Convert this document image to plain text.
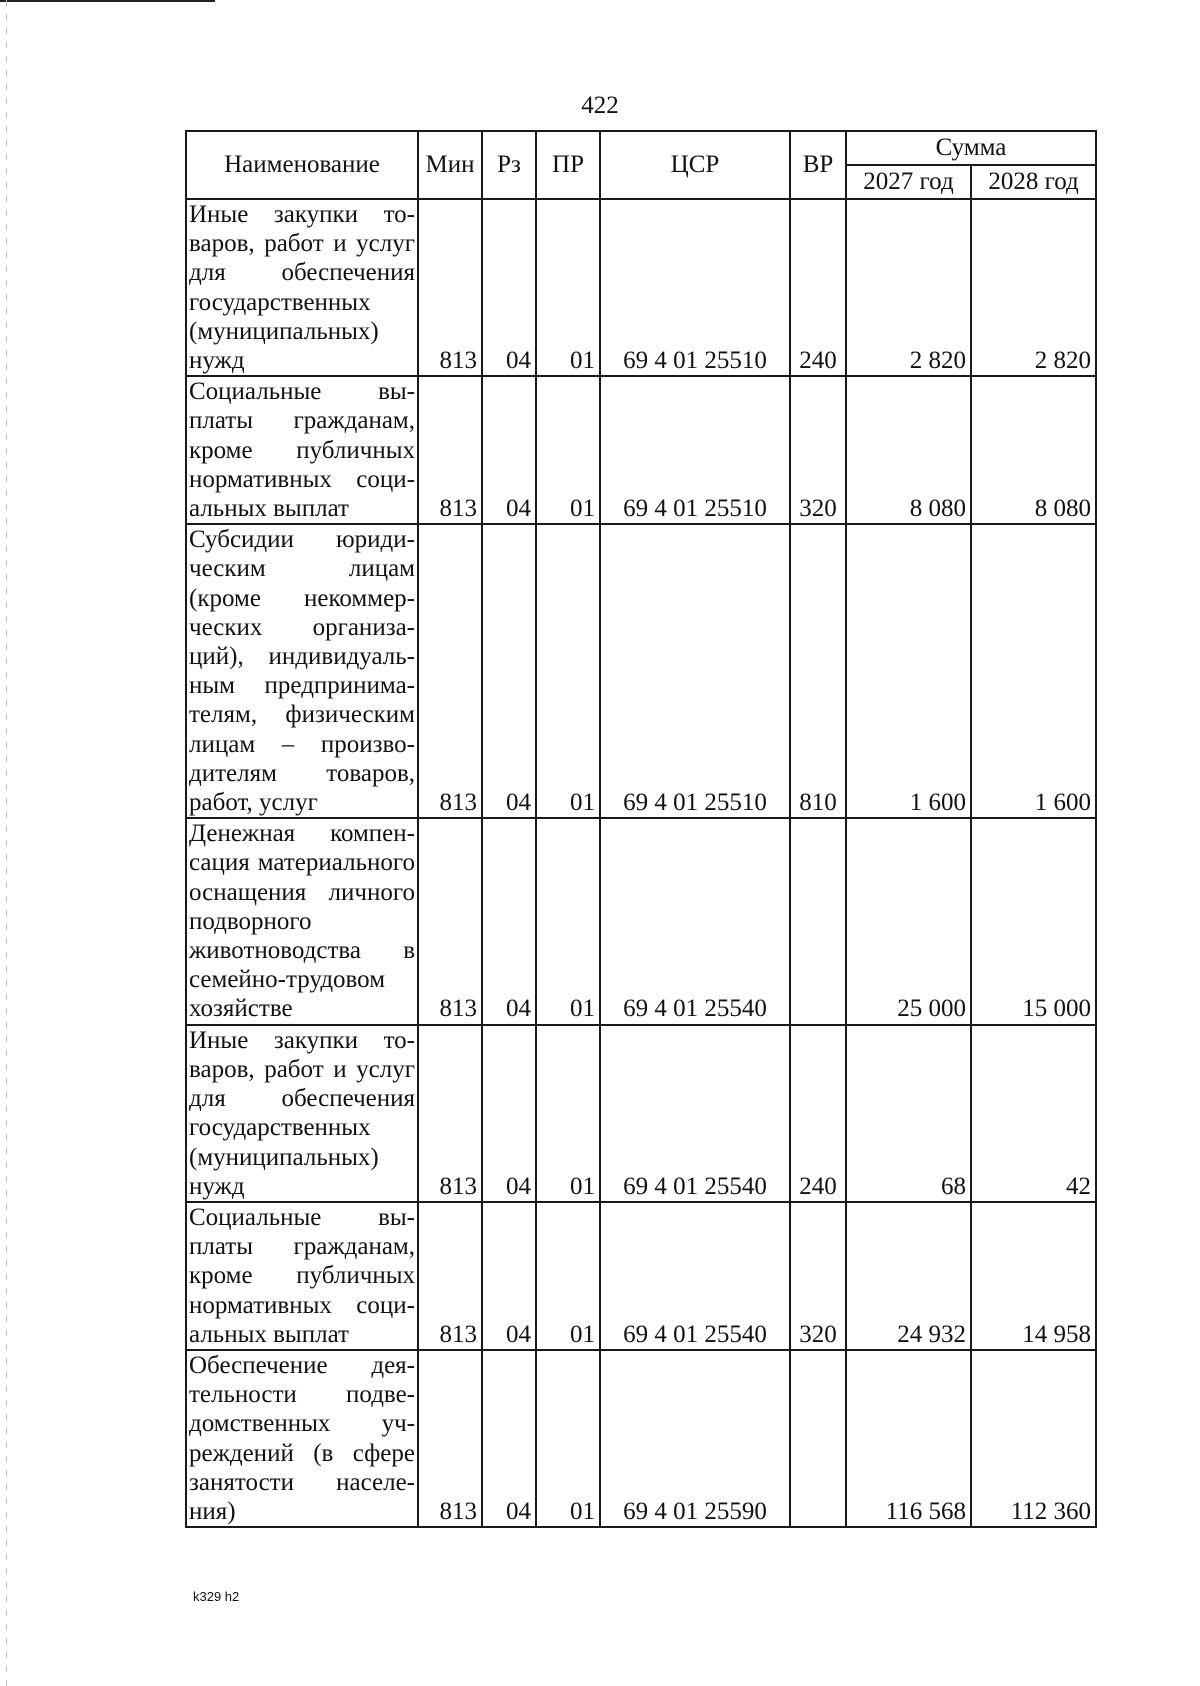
422
Наименование	Мин	Рз	ПР	ЦСР	ВР	Сумма	
						2027 год	2028 год
Иные закупки товаров, работ и услуг для обеспечения государственных (муниципальных) нужд	813	04	01	69 4 01 25510	240	2 820	2 820
Социальные выплаты гражданам, кроме публичных нормативных социальных выплат	813	04	01	69 4 01 25510	320	8 080	8 080
Субсидии юридическим лицам (кроме некоммерческих организаций), индивидуальным предпринимателям, физическим лицам – производителям товаров, работ, услуг	813	04	01	69 4 01 25510	810	1 600	1 600
Денежная компенсация материального оснащения личного подворного животноводства в семейно-трудовом хозяйстве	813	04	01	69 4 01 25540		25 000	15 000
Иные закупки товаров, работ и услуг для обеспечения государственных (муниципальных) нужд	813	04	01	69 4 01 25540	240	68	42
Социальные выплаты гражданам, кроме публичных нормативных социальных выплат	813	04	01	69 4 01 25540	320	24 932	14 958
Обеспечение деятельности подведомственных учреждений (в сфере занятости населения)	813	04	01	69 4 01 25590		116 568	112 360
k329 h2
